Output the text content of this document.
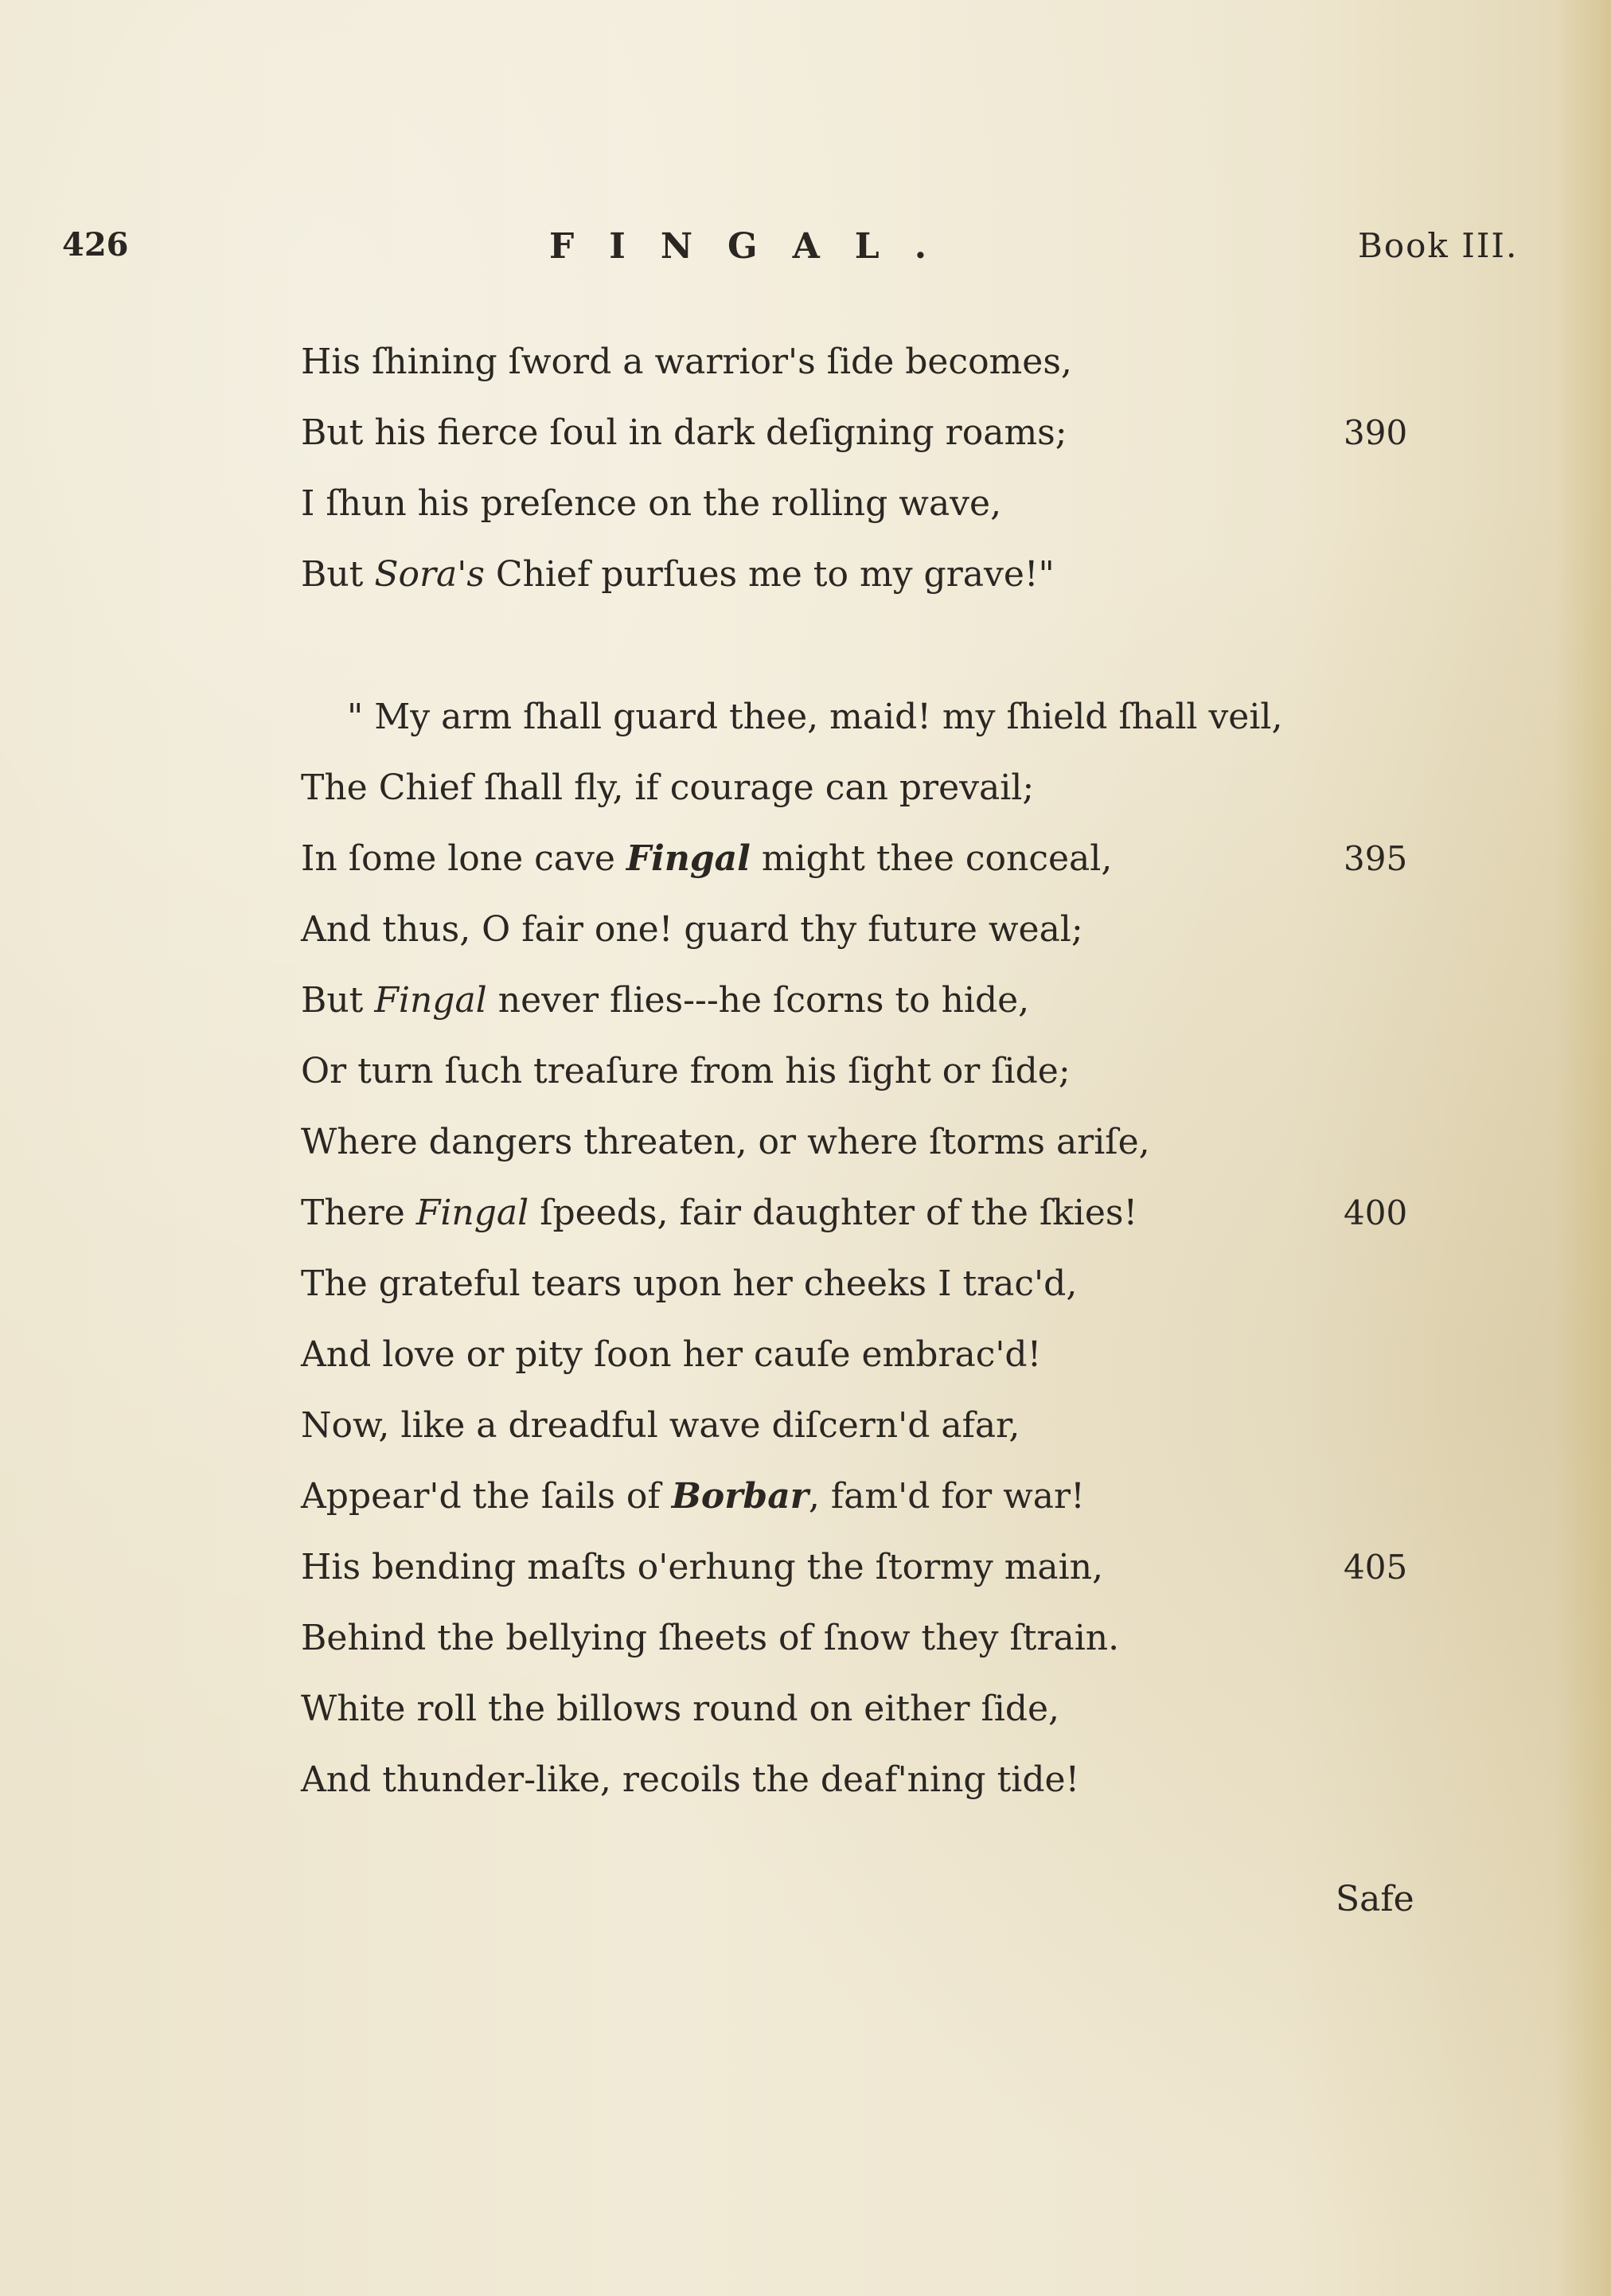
426	FINGAL.	Book III.
His ſhining ſword a warrior's ſide becomes,
But his fierce ſoul in dark deſigning roams;	390
I ſhun his preſence on the rolling wave,
But Sora's Chief purſues me to my grave!"
" My arm ſhall guard thee, maid! my ſhield ſhall veil,
The Chief ſhall fly, if courage can prevail;
In ſome lone cave Fingal might thee conceal,	395
And thus, O fair one! guard thy future weal;
But Fingal never flies---he ſcorns to hide,
Or turn ſuch treaſure from his ſight or ſide;
Where dangers threaten, or where ſtorms ariſe,
There Fingal ſpeeds, fair daughter of the ſkies!	400
The grateful tears upon her cheeks I trac'd,
And love or pity ſoon her cauſe embrac'd!
Now, like a dreadful wave diſcern'd afar,
Appear'd the ſails of Borbar, fam'd for war!
His bending maſts o'erhung the ſtormy main,	405
Behind the bellying ſheets of ſnow they ſtrain.
White roll the billows round on either ſide,
And thunder-like, recoils the deaf'ning tide!
Safe
